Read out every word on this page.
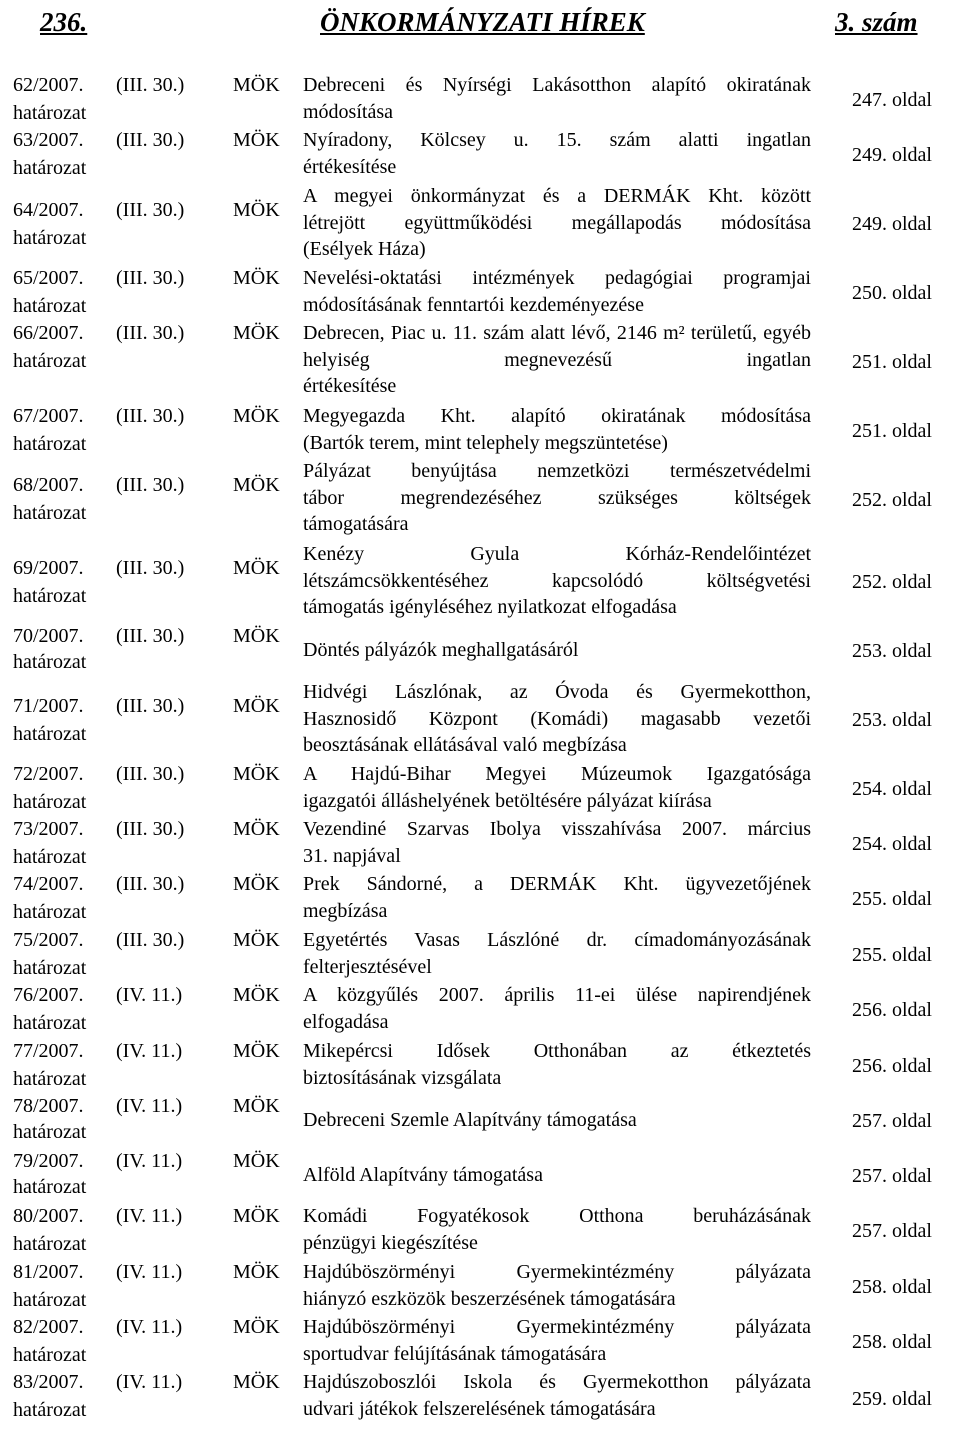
236.	ÖNKORMÁNYZATI HÍREK	3. szám
62/2007. (III. 30.) MÖK
határozat
Debreceni és Nyírségi Lakásotthon alapító okiratának
módosítása
247. oldal
63/2007. (III. 30.) MÖK
határozat
Nyíradony, Kölcsey u. 15. szám alatti ingatlan
értékesítése
249. oldal
64/2007. (III. 30.) MÖK
határozat
A megyei önkormányzat és a DERMÁK Kht. között
létrejött együttműködési megállapodás módosítása
(Esélyek Háza)
249. oldal
65/2007. (III. 30.) MÖK
határozat
Nevelési-oktatási intézmények pedagógiai programjai
módosításának fenntartói kezdeményezése
250. oldal
66/2007. (III. 30.) MÖK
határozat
Debrecen, Piac u. 11. szám alatt lévő, 2146 m² területű, egyéb helyiség megnevezésű ingatlan
értékesítése
251. oldal
67/2007. (III. 30.) MÖK
határozat
Megyegazda Kht. alapító okiratának módosítása
(Bartók terem, mint telephely megszüntetése)
251. oldal
68/2007. (III. 30.) MÖK
határozat
Pályázat benyújtása nemzetközi természetvédelmi
tábor megrendezéséhez szükséges költségek
támogatására
252. oldal
69/2007. (III. 30.) MÖK
határozat
Kenézy Gyula Kórház-Rendelőintézet
létszámcsökkentéséhez kapcsolódó költségvetési
támogatás igényléséhez nyilatkozat elfogadása
252. oldal
70/2007. (III. 30.) MÖK
határozat
Döntés pályázók meghallgatásáról	253. oldal
71/2007. (III. 30.) MÖK
határozat
Hidvégi Lászlónak, az Óvoda és Gyermekotthon,
Hasznosidő Központ (Komádi) magasabb vezetői
beosztásának ellátásával való megbízása
253. oldal
72/2007. (III. 30.) MÖK
határozat
A Hajdú-Bihar Megyei Múzeumok Igazgatósága
igazgatói álláshelyének betöltésére pályázat kiírása
254. oldal
73/2007. (III. 30.) MÖK
határozat
Vezendiné Szarvas Ibolya visszahívása 2007. március
31. napjával
254. oldal
74/2007. (III. 30.) MÖK
határozat
Prek Sándorné, a DERMÁK Kht. ügyvezetőjének
megbízása
255. oldal
75/2007. (III. 30.) MÖK
határozat
Egyetértés Vasas Lászlóné dr. címadományozásának
felterjesztésével
255. oldal
76/2007. (IV. 11.)	MÖK
határozat
A közgyűlés 2007. április 11-ei ülése napirendjének
elfogadása
256. oldal
77/2007. (IV. 11.)	MÖK
határozat
Mikepércsi Idősek Otthonában az étkeztetés
biztosításának vizsgálata
256. oldal
78/2007. (IV. 11.)	MÖK
határozat
Debreceni Szemle Alapítvány támogatása	257. oldal
79/2007. (IV. 11.)	MÖK
határozat
Alföld Alapítvány támogatása	257. oldal
80/2007. (IV. 11.)	MÖK
határozat
Komádi Fogyatékosok Otthona beruházásának
pénzügyi kiegészítése
257. oldal
81/2007. (IV. 11.)	MÖK
határozat
Hajdúböszörményi Gyermekintézmény pályázata
hiányzó eszközök beszerzésének támogatására
258. oldal
82/2007. (IV. 11.)	MÖK
határozat
Hajdúböszörményi Gyermekintézmény pályázata
sportudvar felújításának támogatására
258. oldal
83/2007. (IV. 11.)	MÖK
határozat
Hajdúszoboszlói Iskola és Gyermekotthon pályázata
udvari játékok felszerelésének támogatására	259. oldal
